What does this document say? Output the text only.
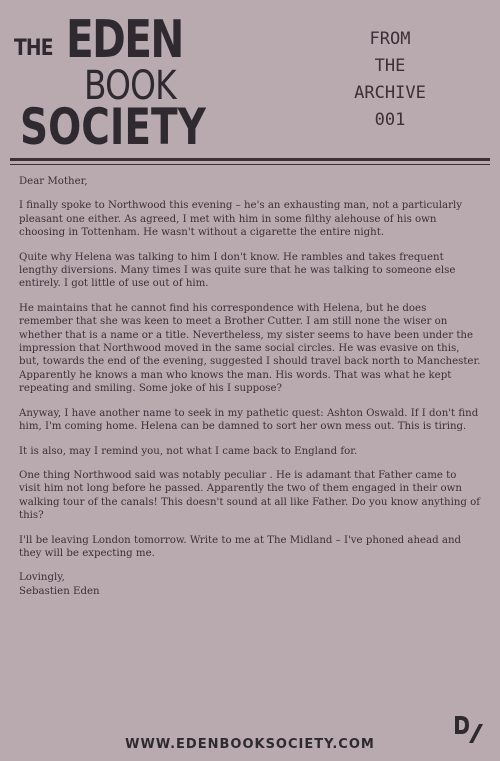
THE EDEN
BOOK
SOCIETY
FROM
THE
ARCHIVE
001

Dear Mother,

I finally spoke to Northwood this evening – he's an exhausting man, not a particularly pleasant one either. As agreed, I met with him in some filthy alehouse of his own choosing in Tottenham. He wasn't without a cigarette the entire night.

Quite why Helena was talking to him I don't know. He rambles and takes frequent lengthy diversions. Many times I was quite sure that he was talking to someone else entirely. I got little of use out of him.

He maintains that he cannot find his correspondence with Helena, but he does remember that she was keen to meet a Brother Cutter. I am still none the wiser on whether that is a name or a title. Nevertheless, my sister seems to have been under the impression that Northwood moved in the same social circles. He was evasive on this, but, towards the end of the evening, suggested I should travel back north to Manchester. Apparently he knows a man who knows the man. His words. That was what he kept repeating and smiling. Some joke of his I suppose?

Anyway, I have another name to seek in my pathetic quest: Ashton Oswald. If I don't find him, I'm coming home. Helena can be damned to sort her own mess out. This is tiring.

It is also, may I remind you, not what I came back to England for.

One thing Northwood said was notably peculiar . He is adamant that Father came to visit him not long before he passed. Apparently the two of them engaged in their own walking tour of the canals! This doesn't sound at all like Father. Do you know anything of this?

I'll be leaving London tomorrow. Write to me at The Midland – I've phoned ahead and they will be expecting me.

Lovingly,

Sebastien Eden

WWW.EDENBOOKSOCIETY.COM
